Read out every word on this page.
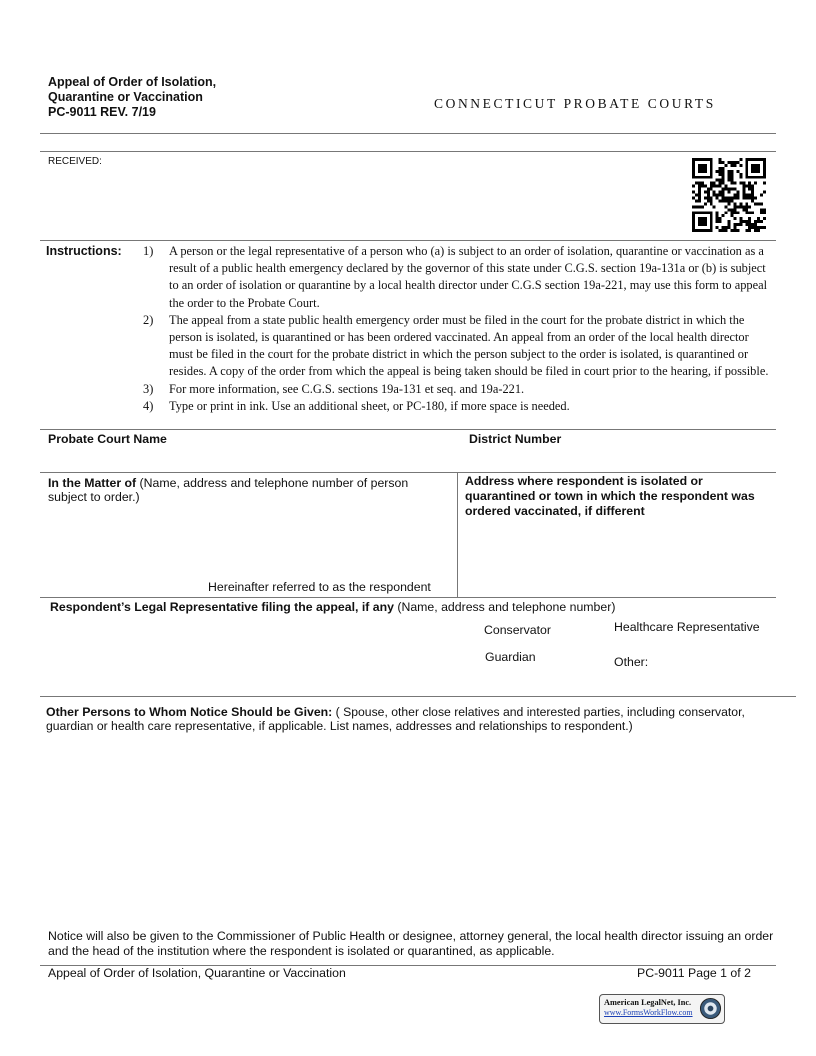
Appeal of Order of Isolation,
Quarantine or Vaccination
PC-9011 REV. 7/19
CONNECTICUT PROBATE COURTS
RECEIVED:
Instructions: 1)	A person or the legal representative of a person who (a) is subject to an order of isolation, quarantine or vaccination as a result of a public health emergency declared by the governor of this state under C.G.S. section 19a-131a or (b) is subject to an order of isolation or quarantine by a local health director under C.G.S section 19a-221, may use this form to appeal the order to the Probate Court.
2)	The appeal from a state public health emergency order must be filed in the court for the probate district in which the person is isolated, is quarantined or has been ordered vaccinated. An appeal from an order of the local health director must be filed in the court for the probate district in which the person subject to the order is isolated, is quarantined or resides. A copy of the order from which the appeal is being taken should be filed in court prior to the hearing, if possible.
3)	For more information, see C.G.S. sections 19a-131 et seq. and 19a-221.
4)	Type or print in ink. Use an additional sheet, or PC-180, if more space is needed.
Probate Court Name	District Number
In the Matter of (Name, address and telephone number of person subject to order.)
Hereinafter referred to as the respondent
Address where respondent is isolated or quarantined or town in which the respondent was ordered vaccinated, if different
Respondent’s Legal Representative filing the appeal, if any (Name, address and telephone number)
Conservator
Guardian
Healthcare Representative
Other:
Other Persons to Whom Notice Should be Given: ( Spouse, other close relatives and interested parties, including conservator, guardian or health care representative, if applicable. List names, addresses and relationships to respondent.)
Notice will also be given to the Commissioner of Public Health or designee, attorney general, the local health director issuing an order and the head of the institution where the respondent is isolated or quarantined, as applicable.
Appeal of Order of Isolation, Quarantine or Vaccination	PC-9011 Page 1 of 2
American LegalNet, Inc.
www.FormsWorkFlow.com
